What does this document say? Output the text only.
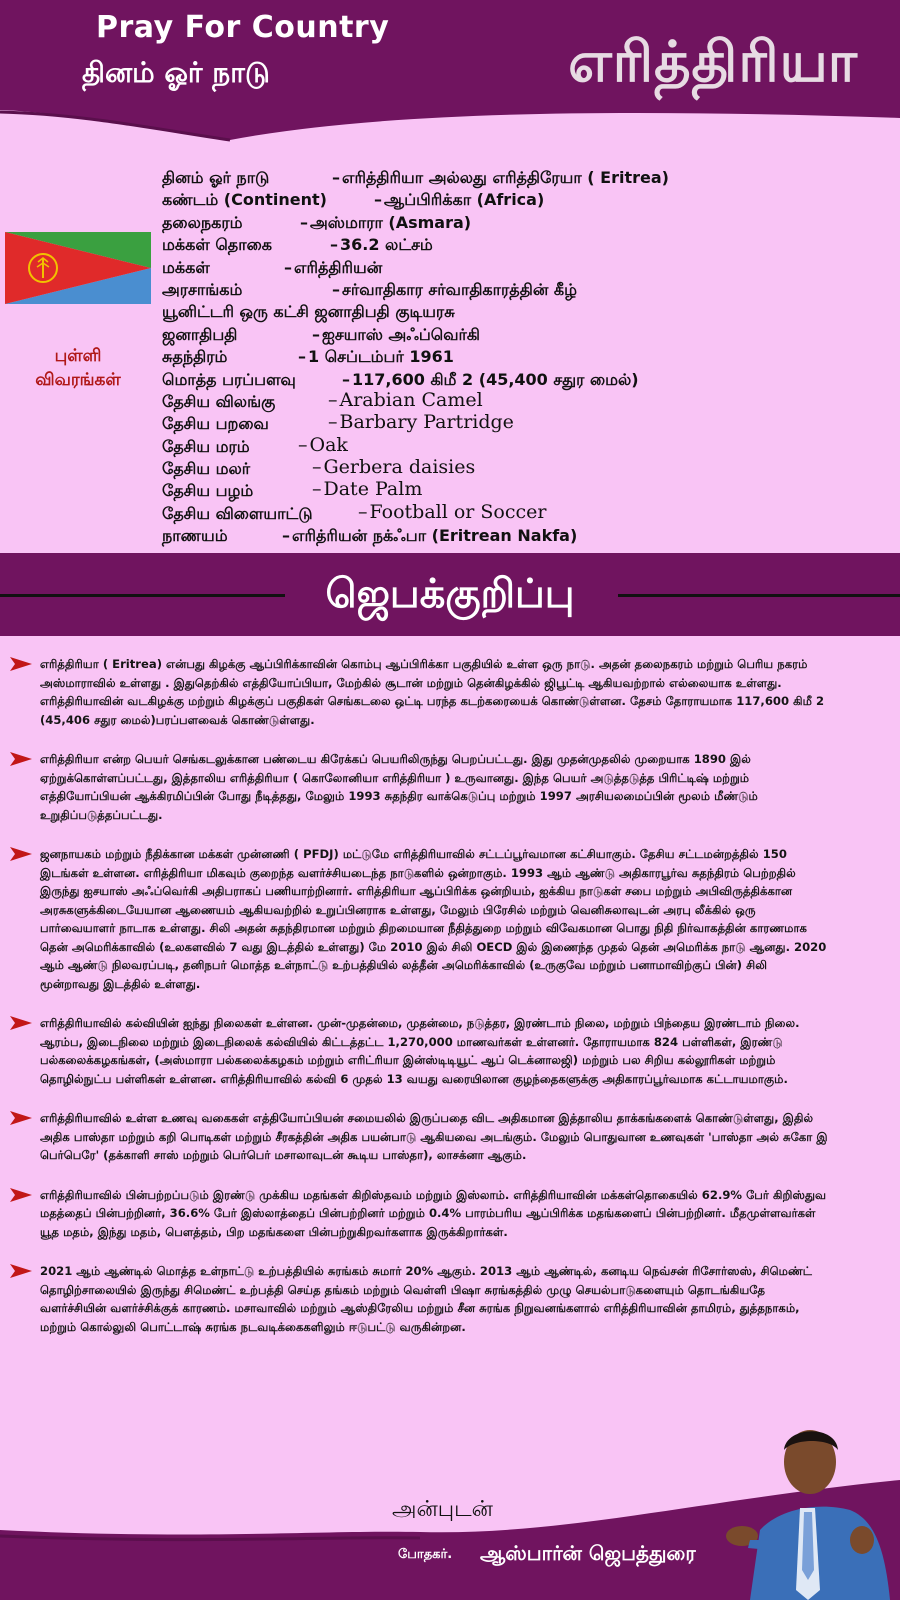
Pray For Country
தினம் ஓர் நாடு	எரித்திரியா
புள்ளி
விவரங்கள்
தினம் ஓர் நாடு	– எரித்திரியா அல்லது எரித்திரேயா ( Eritrea)
கண்டம் (Continent)	– ஆப்பிரிக்கா (Africa)
தலைநகரம்	– அஸ்மாரா (Asmara)
மக்கள் தொகை	– 36.2 லட்சம்
மக்கள்	– எரித்திரியன்
அரசாங்கம்	– சர்வாதிகார சர்வாதிகாரத்தின் கீழ்
யூனிட்டரி ஒரு கட்சி ஜனாதிபதி குடியரசு
ஜனாதிபதி	– ஐசயாஸ் அஃப்வெர்கி
சுதந்திரம்	– 1 செப்டம்பர் 1961
மொத்த பரப்பளவு	– 117,600 கிமீ 2 (45,400 சதுர மைல்)
தேசிய விலங்கு	– Arabian Camel
தேசிய பறவை	– Barbary Partridge
தேசிய மரம்	– Oak
தேசிய மலர்	– Gerbera daisies
தேசிய பழம்	– Date Palm
தேசிய விளையாட்டு – Football or Soccer
நாணயம்	– எரித்ரியன் நக்ஃபா (Eritrean Nakfa)
ஜெபக்குறிப்பு
எரித்திரியா ( Eritrea) என்பது கிழக்கு ஆப்பிரிக்காவின் கொம்பு ஆப்பிரிக்கா பகுதியில் உள்ள ஒரு நாடு. அதன் தலைநகரம் மற்றும் பெரிய நகரம் அஸ்மாராவில் உள்ளது . இதுதெற்கில் எத்தியோப்பியா, மேற்கில் சூடான் மற்றும் தென்கிழக்கில் ஜிபூட்டி ஆகியவற்றால் எல்லையாக உள்ளது. எரித்திரியாவின் வடகிழக்கு மற்றும் கிழக்குப் பகுதிகள் செங்கடலை ஒட்டி பரந்த கடற்கரையைக் கொண்டுள்ளன. தேசம் தோராயமாக 117,600 கிமீ 2 (45,406 சதுர மைல்)பரப்பளவைக் கொண்டுள்ளது.
எரித்திரியா என்ற பெயர் செங்கடலுக்கான பண்டைய கிரேக்கப் பெயரிலிருந்து பெறப்பட்டது. இது முதன்முதலில் முறையாக 1890 இல் ஏற்றுக்கொள்ளப்பட்டது, இத்தாலிய எரித்திரியா ( கொலோனியா எரித்திரியா ) உருவானது. இந்த பெயர் அடுத்தடுத்த பிரிட்டிஷ் மற்றும் எத்தியோப்பியன் ஆக்கிரமிப்பின் போது நீடித்தது, மேலும் 1993 சுதந்திர வாக்கெடுப்பு மற்றும் 1997 அரசியலமைப்பின் மூலம் மீண்டும் உறுதிப்படுத்தப்பட்டது.
ஜனநாயகம் மற்றும் நீதிக்கான மக்கள் முன்னணி ( PFDJ) மட்டுமே எரித்திரியாவில் சட்டப்பூர்வமான கட்சியாகும். தேசிய சட்டமன்றத்தில் 150 இடங்கள் உள்ளன. எரித்திரியா மிகவும் குறைந்த வளர்ச்சியடைந்த நாடுகளில் ஒன்றாகும். 1993 ஆம் ஆண்டு அதிகாரபூர்வ சுதந்திரம் பெற்றதில் இருந்து ஐசயாஸ் அஃப்வெர்கி அதிபராகப் பணியாற்றினார். எரித்திரியா ஆப்பிரிக்க ஒன்றியம், ஐக்கிய நாடுகள் சபை மற்றும் அபிவிருத்திக்கான அரசுகளுக்கிடையேயான ஆணையம் ஆகியவற்றில் உறுப்பினராக உள்ளது, மேலும் பிரேசில் மற்றும் வெனிசுலாவுடன் அரபு லீக்கில் ஒரு பார்வையாளர் நாடாக உள்ளது. சிலி அதன் சுதந்திரமான மற்றும் திறமையான நீதித்துறை மற்றும் விவேகமான பொது நிதி நிர்வாகத்தின் காரணமாக தென் அமெரிக்காவில் (உலகளவில் 7 வது இடத்தில் உள்ளது) மே 2010 இல் சிலி OECD இல் இணைந்த முதல் தென் அமெரிக்க நாடு ஆனது. 2020 ஆம் ஆண்டு நிலவரப்படி, தனிநபர் மொத்த உள்நாட்டு உற்பத்தியில் லத்தீன் அமெரிக்காவில் (உருகுவே மற்றும் பனாமாவிற்குப் பின்) சிலி மூன்றாவது இடத்தில் உள்ளது.
எரித்திரியாவில் கல்வியின் ஐந்து நிலைகள் உள்ளன. முன்-முதன்மை, முதன்மை, நடுத்தர, இரண்டாம் நிலை, மற்றும் பிந்தைய இரண்டாம் நிலை. ஆரம்ப, இடைநிலை மற்றும் இடைநிலைக் கல்வியில் கிட்டத்தட்ட 1,270,000 மாணவர்கள் உள்ளனர். தோராயமாக 824 பள்ளிகள், இரண்டு பல்கலைக்கழகங்கள், (அஸ்மாரா பல்கலைக்கழகம் மற்றும் எரிட்ரியா இன்ஸ்டிடியூட் ஆப் டெக்னாலஜி) மற்றும் பல சிறிய கல்லூரிகள் மற்றும் தொழில்நுட்ப பள்ளிகள் உள்ளன. எரித்திரியாவில் கல்வி 6 முதல் 13 வயது வரையிலான குழந்தைகளுக்கு அதிகாரப்பூர்வமாக கட்டாயமாகும்.
எரித்திரியாவில் உள்ள உணவு வகைகள் எத்தியோப்பியன் சமையலில் இருப்பதை விட அதிகமான இத்தாலிய தாக்கங்களைக் கொண்டுள்ளது, இதில் அதிக பாஸ்தா மற்றும் கறி பொடிகள் மற்றும் சீரகத்தின் அதிக பயன்பாடு ஆகியவை அடங்கும். மேலும் பொதுவான உணவுகள் 'பாஸ்தா அல் சுகோ இ பெர்பெரே' (தக்காளி சாஸ் மற்றும் பெர்பெர் மசாலாவுடன் கூடிய பாஸ்தா), லாசக்னா ஆகும்.
எரித்திரியாவில் பின்பற்றப்படும் இரண்டு முக்கிய மதங்கள் கிறிஸ்தவம் மற்றும் இஸ்லாம். எரித்திரியாவின் மக்கள்தொகையில் 62.9% பேர் கிறிஸ்துவ மதத்தைப் பின்பற்றினர், 36.6% பேர் இஸ்லாத்தைப் பின்பற்றினர் மற்றும் 0.4% பாரம்பரிய ஆப்பிரிக்க மதங்களைப் பின்பற்றினர். மீதமுள்ளவர்கள் யூத மதம், இந்து மதம், பௌத்தம், பிற மதங்களை பின்பற்றுகிறவர்களாக இருக்கிறார்கள்.
2021 ஆம் ஆண்டில் மொத்த உள்நாட்டு உற்பத்தியில் சுரங்கம் சுமார் 20% ஆகும். 2013 ஆம் ஆண்டில், கனடிய நெவ்சன் ரிசோர்ஸஸ், சிமெண்ட் தொழிற்சாலையில் இருந்து சிமெண்ட் உற்பத்தி செய்த தங்கம் மற்றும் வெள்ளி பிஷா சுரங்கத்தில் முழு செயல்பாடுகளையும் தொடங்கியதே வளர்ச்சியின் வளர்ச்சிக்குக் காரணம். மசாவாவில் மற்றும் ஆஸ்திரேலிய மற்றும் சீன சுரங்க நிறுவனங்களால் எரித்திரியாவின் தாமிரம், துத்தநாகம், மற்றும் கொல்லுலி பொட்டாஷ் சுரங்க நடவடிக்கைகளிலும் ஈடுபட்டு வருகின்றன.
அன்புடன்
போதகர். ஆஸ்பார்ன் ஜெபத்துரை
